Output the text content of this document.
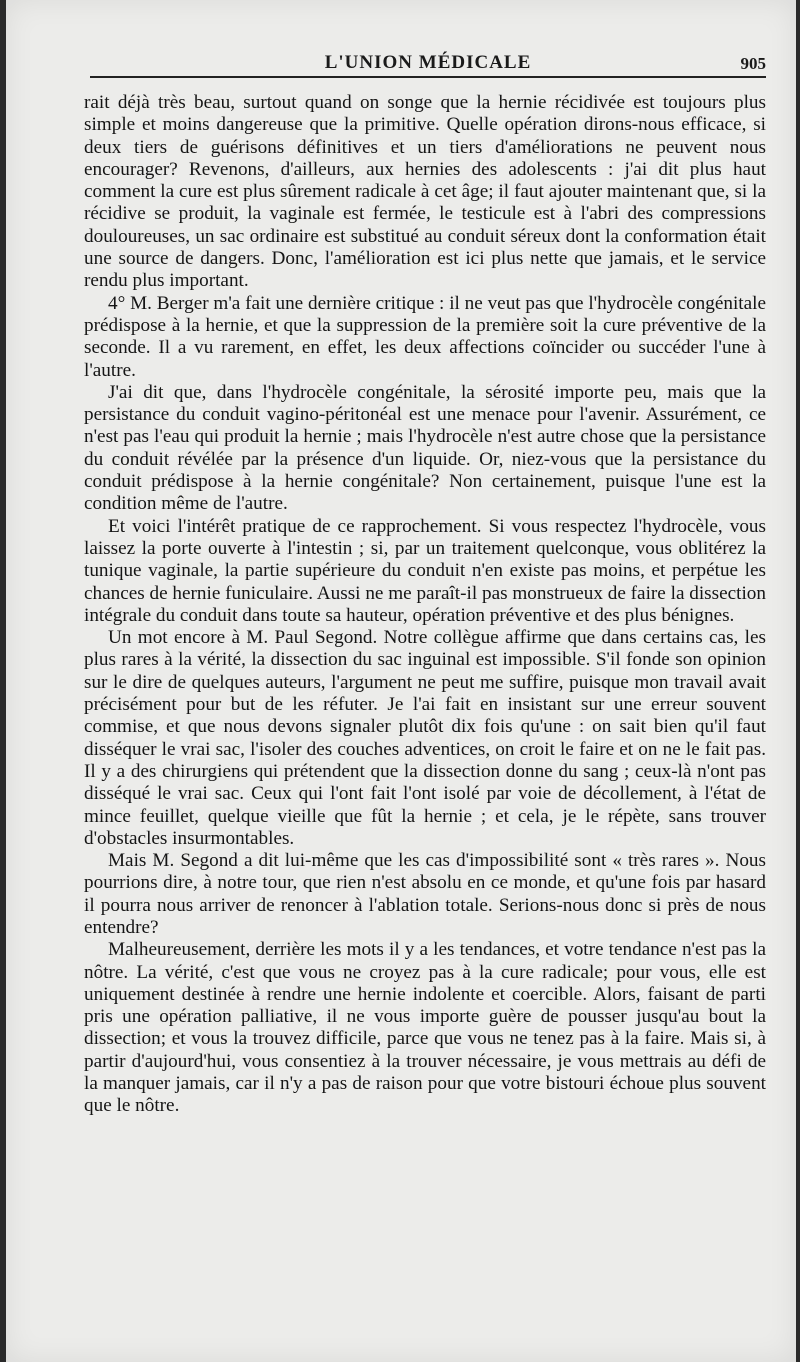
L'UNION MÉDICALE	905

rait déjà très beau, surtout quand on songe que la hernie récidivée est toujours plus simple et moins dangereuse que la primitive. Quelle opération dirons-nous efficace, si deux tiers de guérisons définitives et un tiers d'améliorations ne peuvent nous encourager? Revenons, d'ailleurs, aux hernies des adolescents : j'ai dit plus haut comment la cure est plus sûrement radicale à cet âge; il faut ajouter maintenant que, si la récidive se produit, la vaginale est fermée, le testicule est à l'abri des compressions douloureuses, un sac ordinaire est substitué au conduit séreux dont la conformation était une source de dangers. Donc, l'amélioration est ici plus nette que jamais, et le service rendu plus important.

4° M. Berger m'a fait une dernière critique : il ne veut pas que l'hydrocèle congénitale prédispose à la hernie, et que la suppression de la première soit la cure préventive de la seconde. Il a vu rarement, en effet, les deux affections coïncider ou succéder l'une à l'autre.

J'ai dit que, dans l'hydrocèle congénitale, la sérosité importe peu, mais que la persistance du conduit vagino-péritonéal est une menace pour l'avenir. Assurément, ce n'est pas l'eau qui produit la hernie ; mais l'hydrocèle n'est autre chose que la persistance du conduit révélée par la présence d'un liquide. Or, niez-vous que la persistance du conduit prédispose à la hernie congénitale? Non certainement, puisque l'une est la condition même de l'autre.

Et voici l'intérêt pratique de ce rapprochement. Si vous respectez l'hydrocèle, vous laissez la porte ouverte à l'intestin ; si, par un traitement quelconque, vous oblitérez la tunique vaginale, la partie supérieure du conduit n'en existe pas moins, et perpétue les chances de hernie funiculaire. Aussi ne me paraît-il pas monstrueux de faire la dissection intégrale du conduit dans toute sa hauteur, opération préventive et des plus bénignes.

Un mot encore à M. Paul Segond. Notre collègue affirme que dans certains cas, les plus rares à la vérité, la dissection du sac inguinal est impossible. S'il fonde son opinion sur le dire de quelques auteurs, l'argument ne peut me suffire, puisque mon travail avait précisément pour but de les réfuter. Je l'ai fait en insistant sur une erreur souvent commise, et que nous devons signaler plutôt dix fois qu'une : on sait bien qu'il faut disséquer le vrai sac, l'isoler des couches adventices, on croit le faire et on ne le fait pas. Il y a des chirurgiens qui prétendent que la dissection donne du sang ; ceux-là n'ont pas disséqué le vrai sac. Ceux qui l'ont fait l'ont isolé par voie de décollement, à l'état de mince feuillet, quelque vieille que fût la hernie ; et cela, je le répète, sans trouver d'obstacles insurmontables.

Mais M. Segond a dit lui-même que les cas d'impossibilité sont « très rares ». Nous pourrions dire, à notre tour, que rien n'est absolu en ce monde, et qu'une fois par hasard il pourra nous arriver de renoncer à l'ablation totale. Serions-nous donc si près de nous entendre?

Malheureusement, derrière les mots il y a les tendances, et votre tendance n'est pas la nôtre. La vérité, c'est que vous ne croyez pas à la cure radicale; pour vous, elle est uniquement destinée à rendre une hernie indolente et coercible. Alors, faisant de parti pris une opération palliative, il ne vous importe guère de pousser jusqu'au bout la dissection; et vous la trouvez difficile, parce que vous ne tenez pas à la faire. Mais si, à partir d'aujourd'hui, vous consentiez à la trouver nécessaire, je vous mettrais au défi de la manquer jamais, car il n'y a pas de raison pour que votre bistouri échoue plus souvent que le nôtre.
